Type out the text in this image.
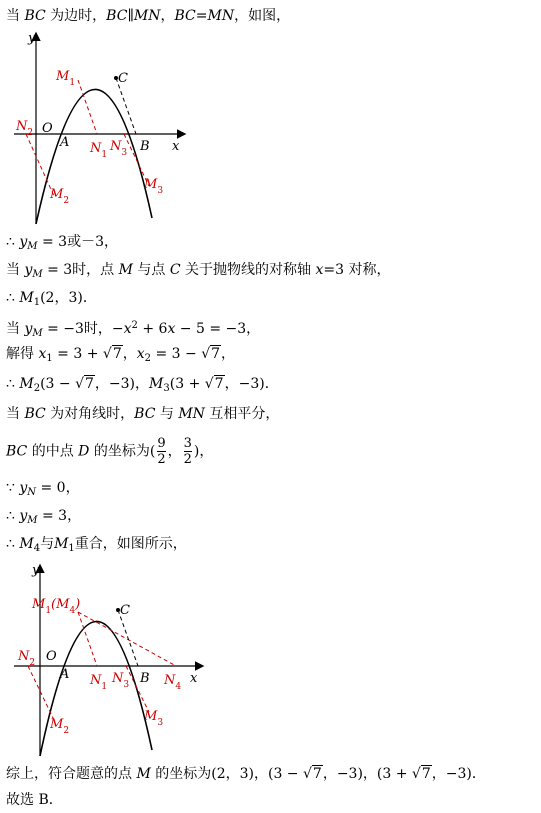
当 BC 为边时，BC∥MN，BC=MN，如图，
y
x
O
A	B
C
$M_1$
$N_1$
$N_2$
$N_3$
$M_2$
$M_3$
∴ $y_M = 3$或－3，
当 $y_M = 3$时，点 M 与点 C 关于抛物线的对称轴 x=3 对称，
∴ $M_1(2$，3)．
当 $y_M = -3$时，$-x^2 + 6x - 5 = -3$，
解得 $x_1 = 3 + √7$，$x_2 = 3 - √7$，
∴ $M_2(3 - √7$，−3)，$M_3(3 + √7$，−3)．
当 BC 为对角线时，BC 与 MN 互相平分，
BC 的中点 D 的坐标为( $\frac{9}{2}$ ， $\frac{3}{2}$ )，
∵ $y_N = 0$，
∴ $y_M = 3$，
∴ $M_4$与$M_1$重合，如图所示，
y
x
O
A	B
C
$M_1(M_4)$
$N_1$
$N_2$
$N_3$	$N_4$
$M_2$
$M_3$
综上，符合题意的点 M 的坐标为(2，3)，(3 − √7，−3)，(3 + √7，−3)．
故选 B．
